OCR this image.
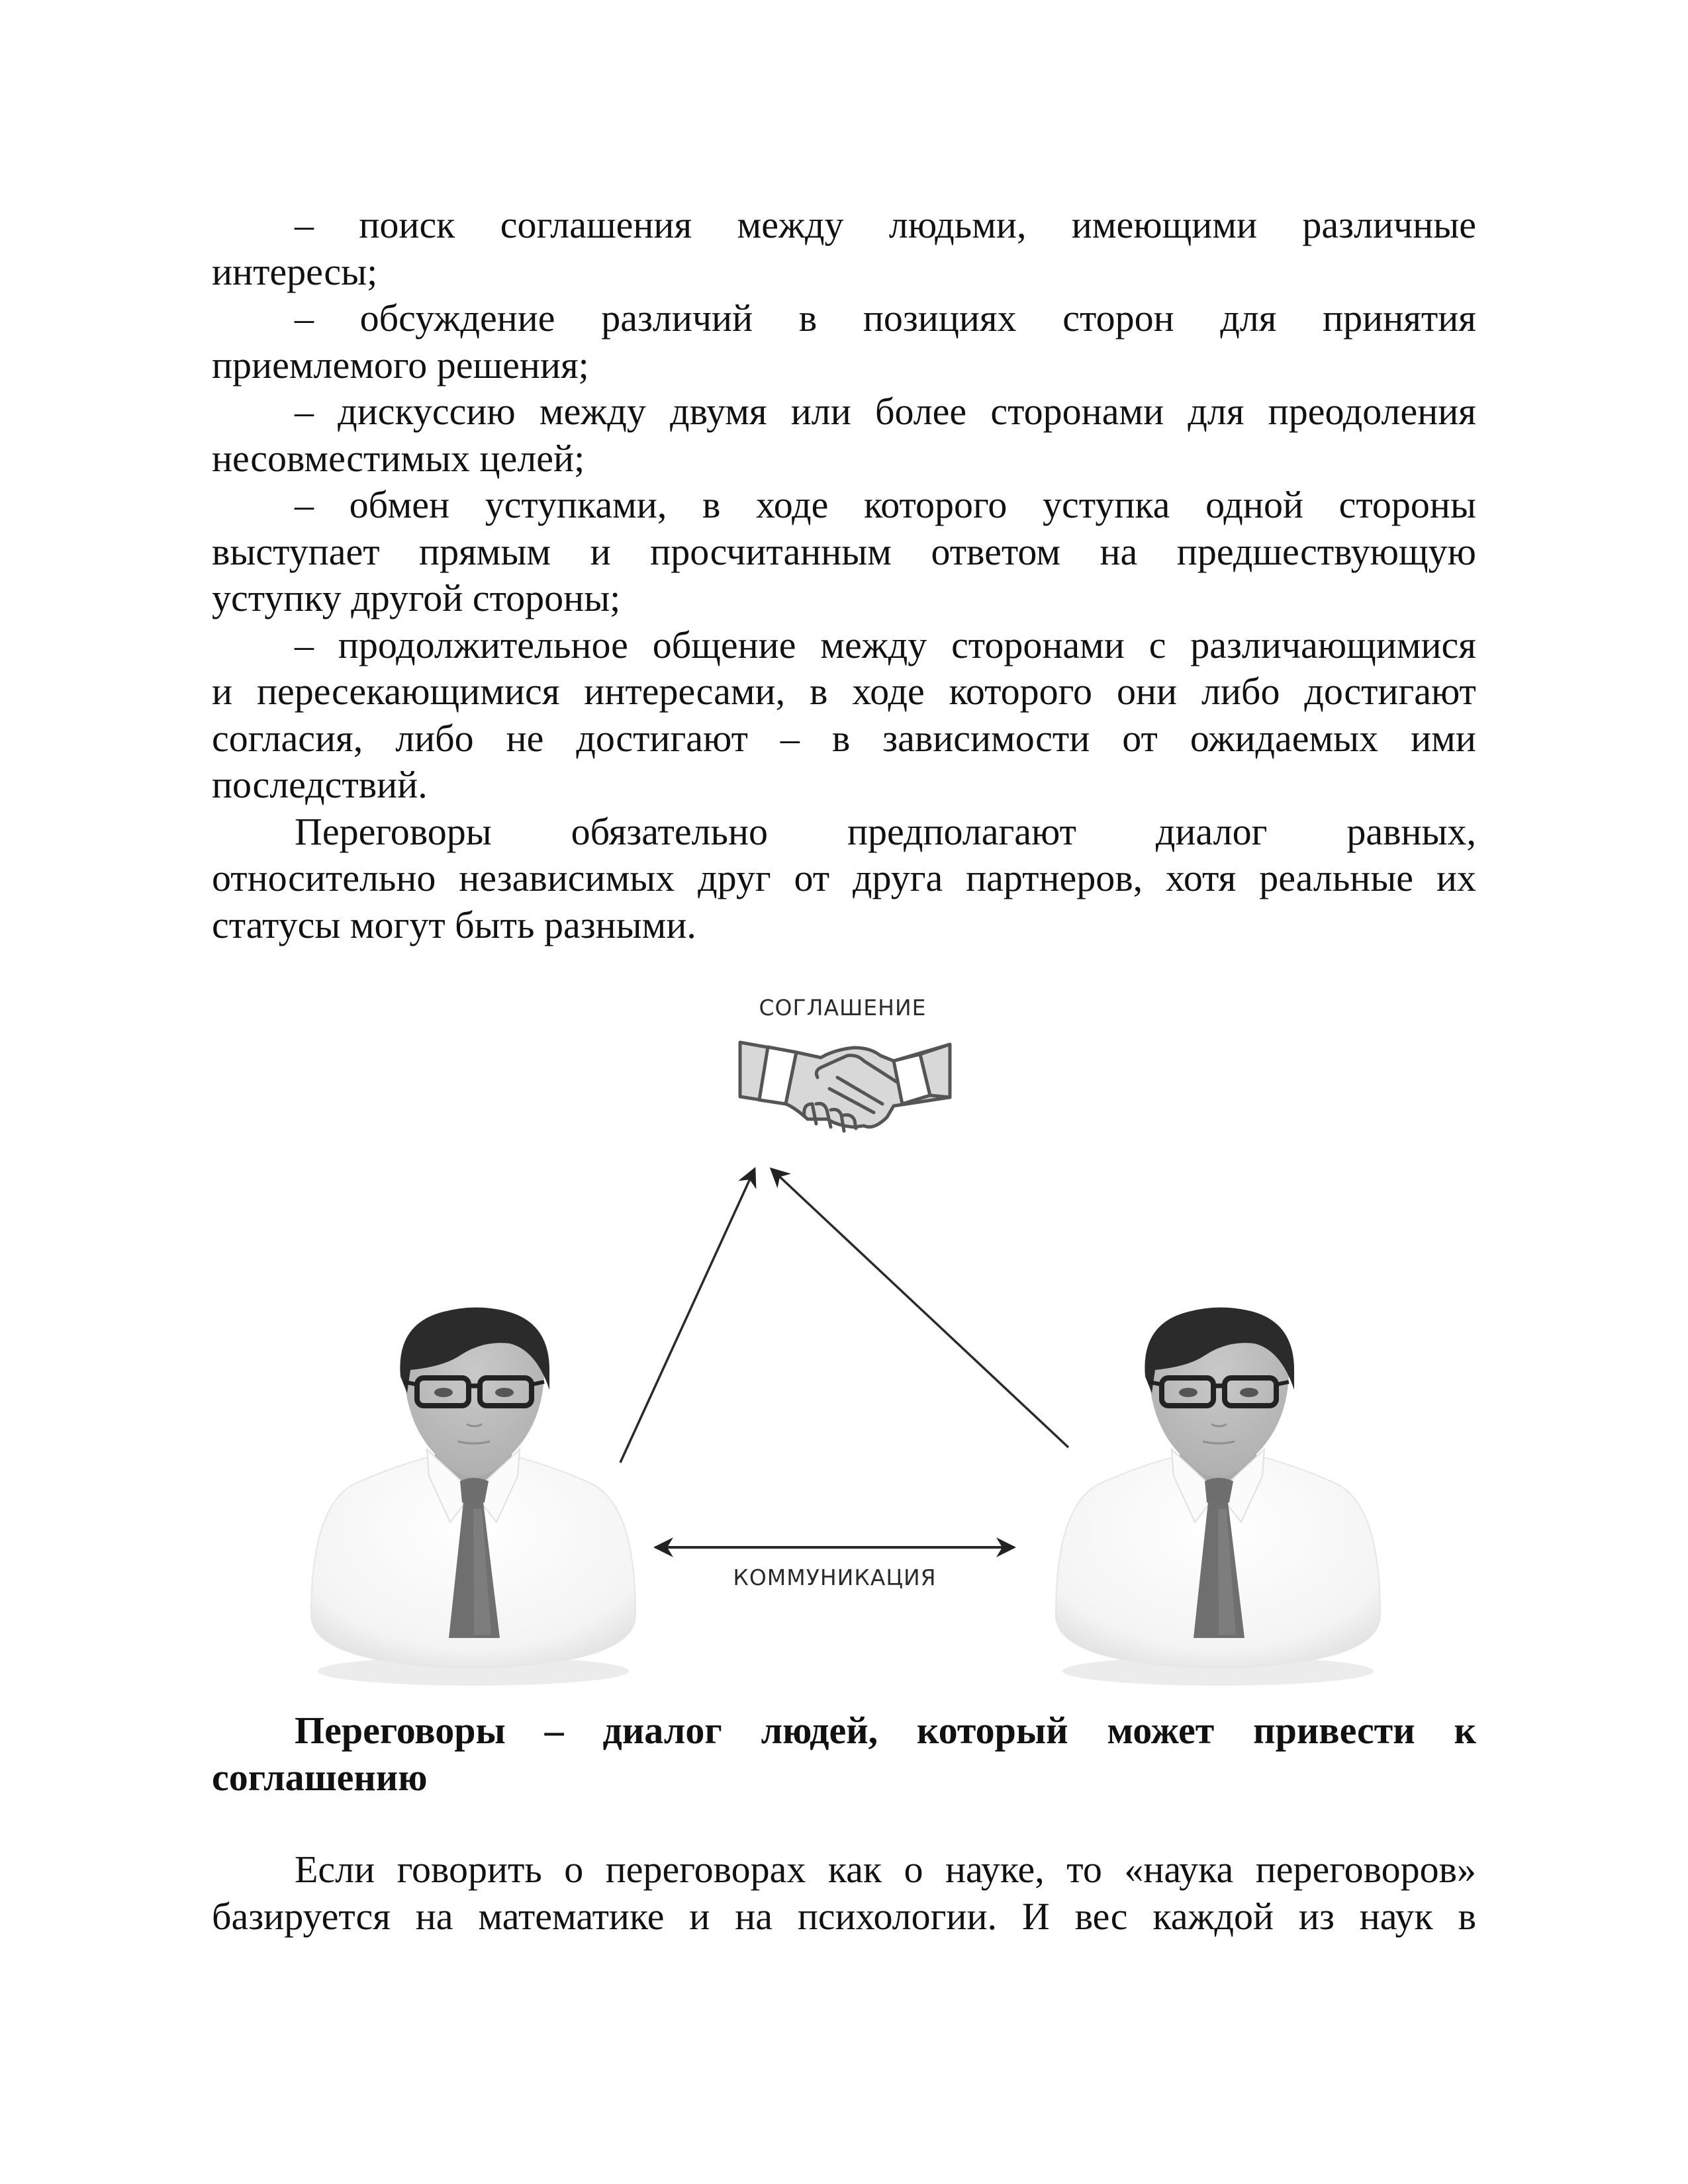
– поиск соглашения между людьми, имеющими различные
интересы;
– обсуждение различий в позициях сторон для принятия
приемлемого решения;
– дискуссию между двумя или более сторонами для преодоления
несовместимых целей;
– обмен уступками, в ходе которого уступка одной стороны
выступает прямым и просчитанным ответом на предшествующую
уступку другой стороны;
– продолжительное общение между сторонами с различающимися
и пересекающимися интересами, в ходе которого они либо достигают
согласия, либо не достигают – в зависимости от ожидаемых ими
последствий.
Переговоры обязательно предполагают диалог равных,
относительно независимых друг от друга партнеров, хотя реальные их
статусы могут быть разными.
СОГЛАШЕНИЕ
КОММУНИКАЦИЯ
Переговоры – диалог людей, который может привести к
соглашению
Если говорить о переговорах как о науке, то «наука переговоров»
базируется на математике и на психологии. И вес каждой из наук в
